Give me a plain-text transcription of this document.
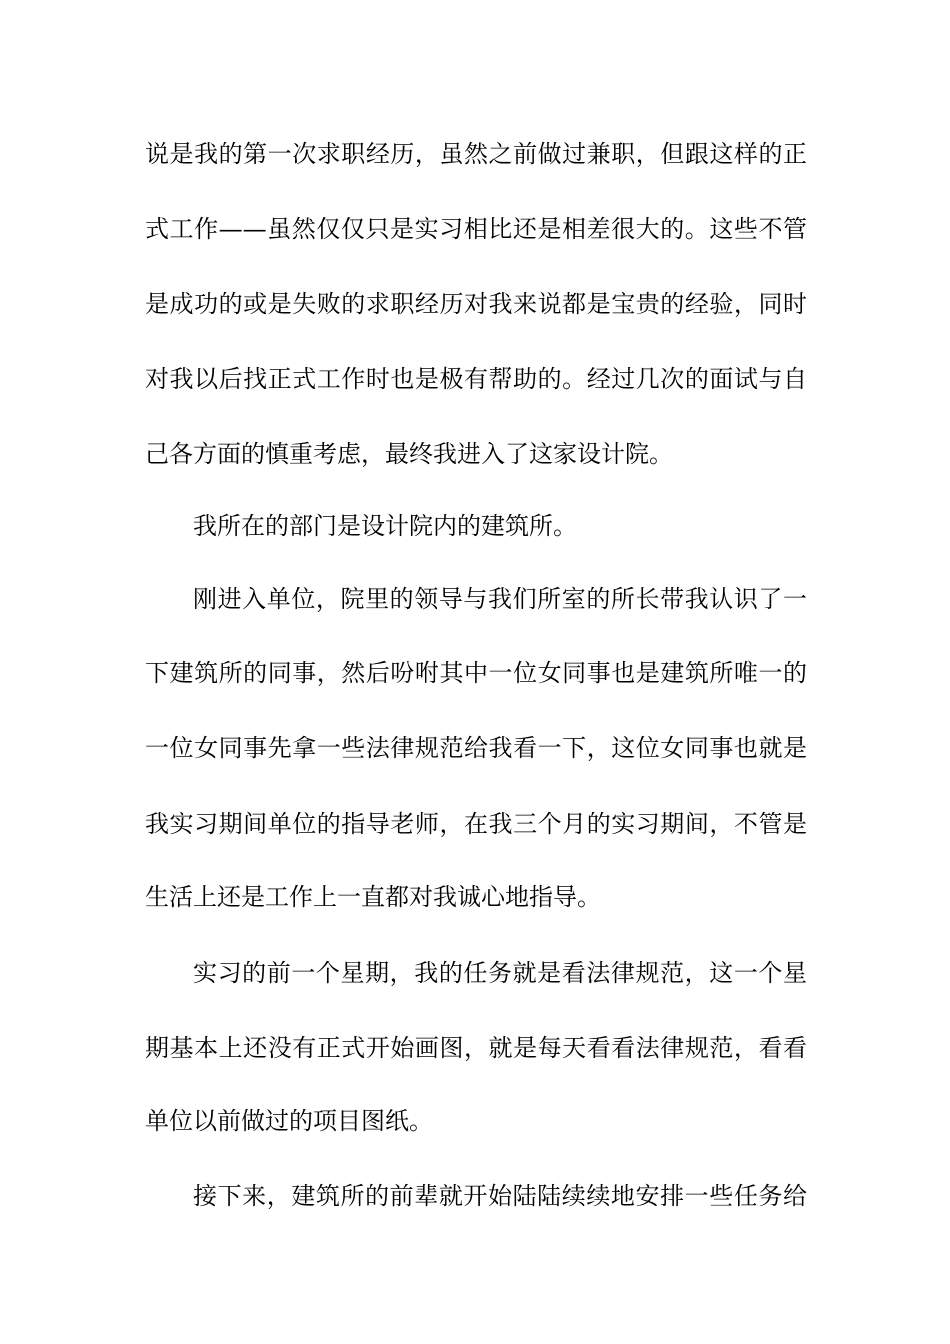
说是我的第一次求职经历，虽然之前做过兼职，但跟这样的正
式工作——虽然仅仅只是实习相比还是相差很大的。这些不管
是成功的或是失败的求职经历对我来说都是宝贵的经验，同时
对我以后找正式工作时也是极有帮助的。经过几次的面试与自
己各方面的慎重考虑，最终我进入了这家设计院。
我所在的部门是设计院内的建筑所。
刚进入单位，院里的领导与我们所室的所长带我认识了一
下建筑所的同事，然后吩咐其中一位女同事也是建筑所唯一的
一位女同事先拿一些法律规范给我看一下，这位女同事也就是
我实习期间单位的指导老师，在我三个月的实习期间，不管是
生活上还是工作上一直都对我诚心地指导。
实习的前一个星期，我的任务就是看法律规范，这一个星
期基本上还没有正式开始画图，就是每天看看法律规范，看看
单位以前做过的项目图纸。
接下来，建筑所的前辈就开始陆陆续续地安排一些任务给
